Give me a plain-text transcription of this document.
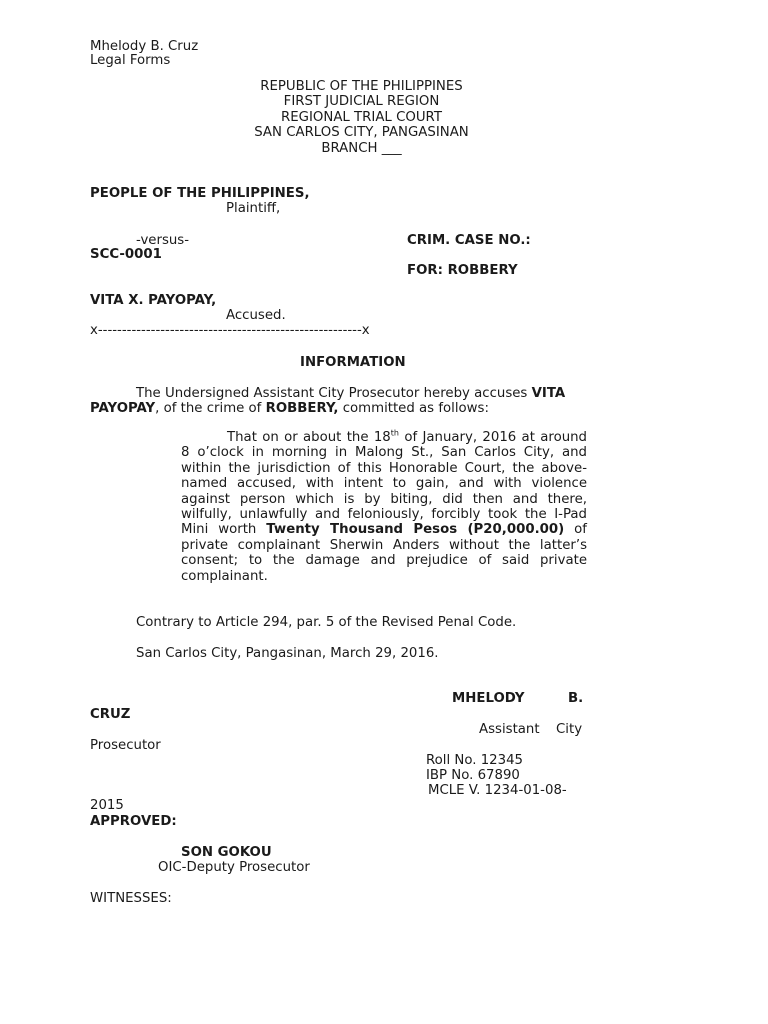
Mhelody B. Cruz
Legal Forms
REPUBLIC OF THE PHILIPPINES
FIRST JUDICIAL REGION
REGIONAL TRIAL COURT
SAN CARLOS CITY, PANGASINAN
BRANCH ___
PEOPLE OF THE PHILIPPINES,
Plaintiff,
-versus-	CRIM. CASE NO.:
SCC-0001
FOR: ROBBERY
VITA X. PAYOPAY,
Accused.
x-------------------------------------------------------x
INFORMATION
The Undersigned Assistant City Prosecutor hereby accuses VITA
PAYOPAY, of the crime of ROBBERY, committed as follows:
That on or about the 18th of January, 2016 at around 8 o’clock in morning in Malong St., San Carlos City, and within the jurisdiction of this Honorable Court, the above-named accused, with intent to gain, and with violence against person which is by biting, did then and there, wilfully, unlawfully and feloniously, forcibly took the I-Pad Mini worth Twenty Thousand Pesos (P20,000.00) of private complainant Sherwin Anders without the latter’s consent; to the damage and prejudice of said private complainant.
Contrary to Article 294, par. 5 of the Revised Penal Code.
San Carlos City, Pangasinan, March 29, 2016.
MHELODY	B.
CRUZ
Assistant City
Prosecutor
Roll No. 12345
IBP No. 67890
MCLE V. 1234-01-08-
2015
APPROVED:
SON GOKOU
OIC-Deputy Prosecutor
WITNESSES:
